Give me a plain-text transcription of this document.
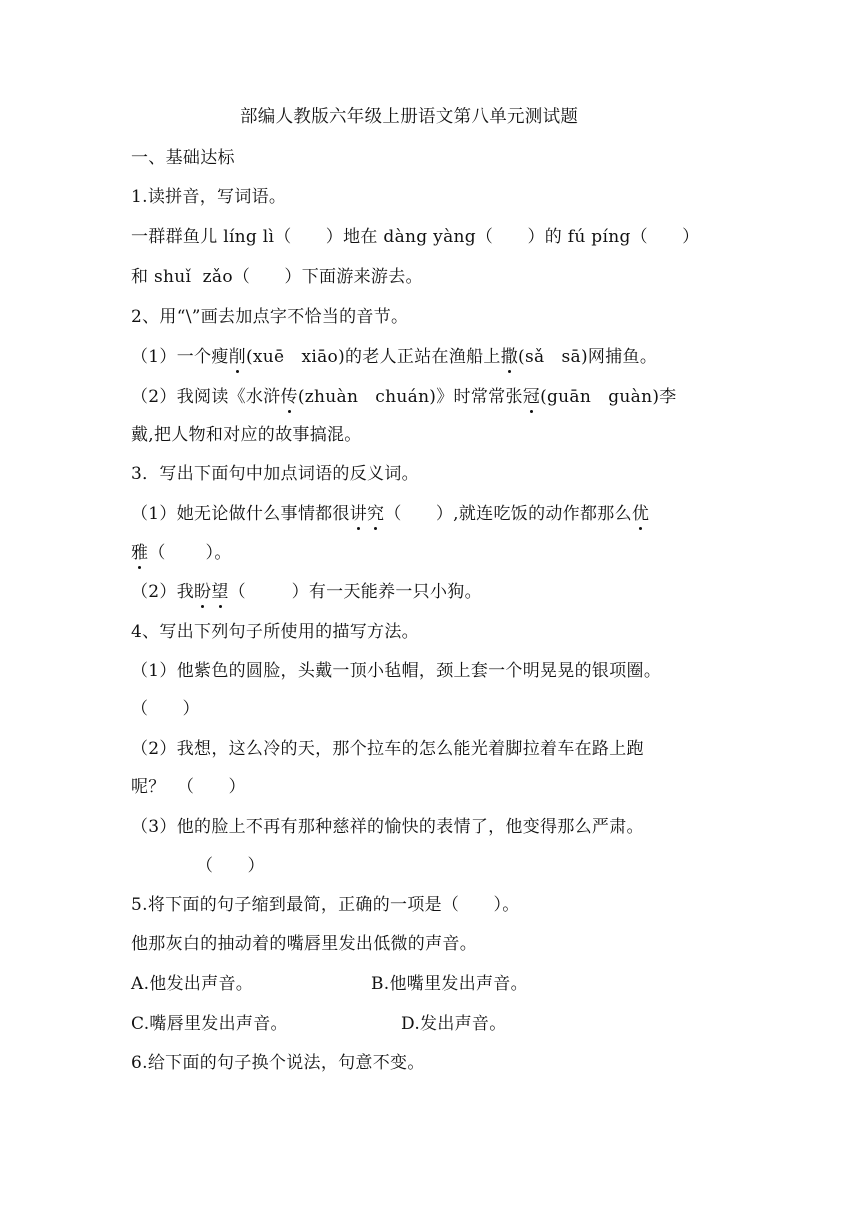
部编人教版六年级上册语文第八单元测试题
一、基础达标
1.读拼音，写词语。
一群群鱼儿 líng lì（      ）地在 dàng yàng（      ）的 fú píng（      ）
和 shuǐ  zǎo（      ）下面游来游去。
2、用“\”画去加点字不恰当的音节。
（1）一个瘦削(xuē   xiāo)的老人正站在渔船上撒(sǎ   sā)网捕鱼。
（2）我阅读《水浒传(zhuàn   chuán)》时常常张冠(guān   guàn)李
戴,把人物和对应的故事搞混。
3．写出下面句中加点词语的反义词。
（1）她无论做什么事情都很讲究（      ）,就连吃饭的动作都那么优
雅（       ）。
（2）我盼望（        ）有一天能养一只小狗。
4、写出下列句子所使用的描写方法。
（1）他紫色的圆脸，头戴一顶小毡帽，颈上套一个明晃晃的银项圈。
（      ）
（2）我想，这么冷的天，那个拉车的怎么能光着脚拉着车在路上跑
呢？  （      ）
（3）他的脸上不再有那种慈祥的愉快的表情了，他变得那么严肃。
（      ）
5.将下面的句子缩到最简，正确的一项是（      ）。
他那灰白的抽动着的嘴唇里发出低微的声音。
A.他发出声音。	B.他嘴里发出声音。
C.嘴唇里发出声音。	D.发出声音。
6.给下面的句子换个说法，句意不变。
